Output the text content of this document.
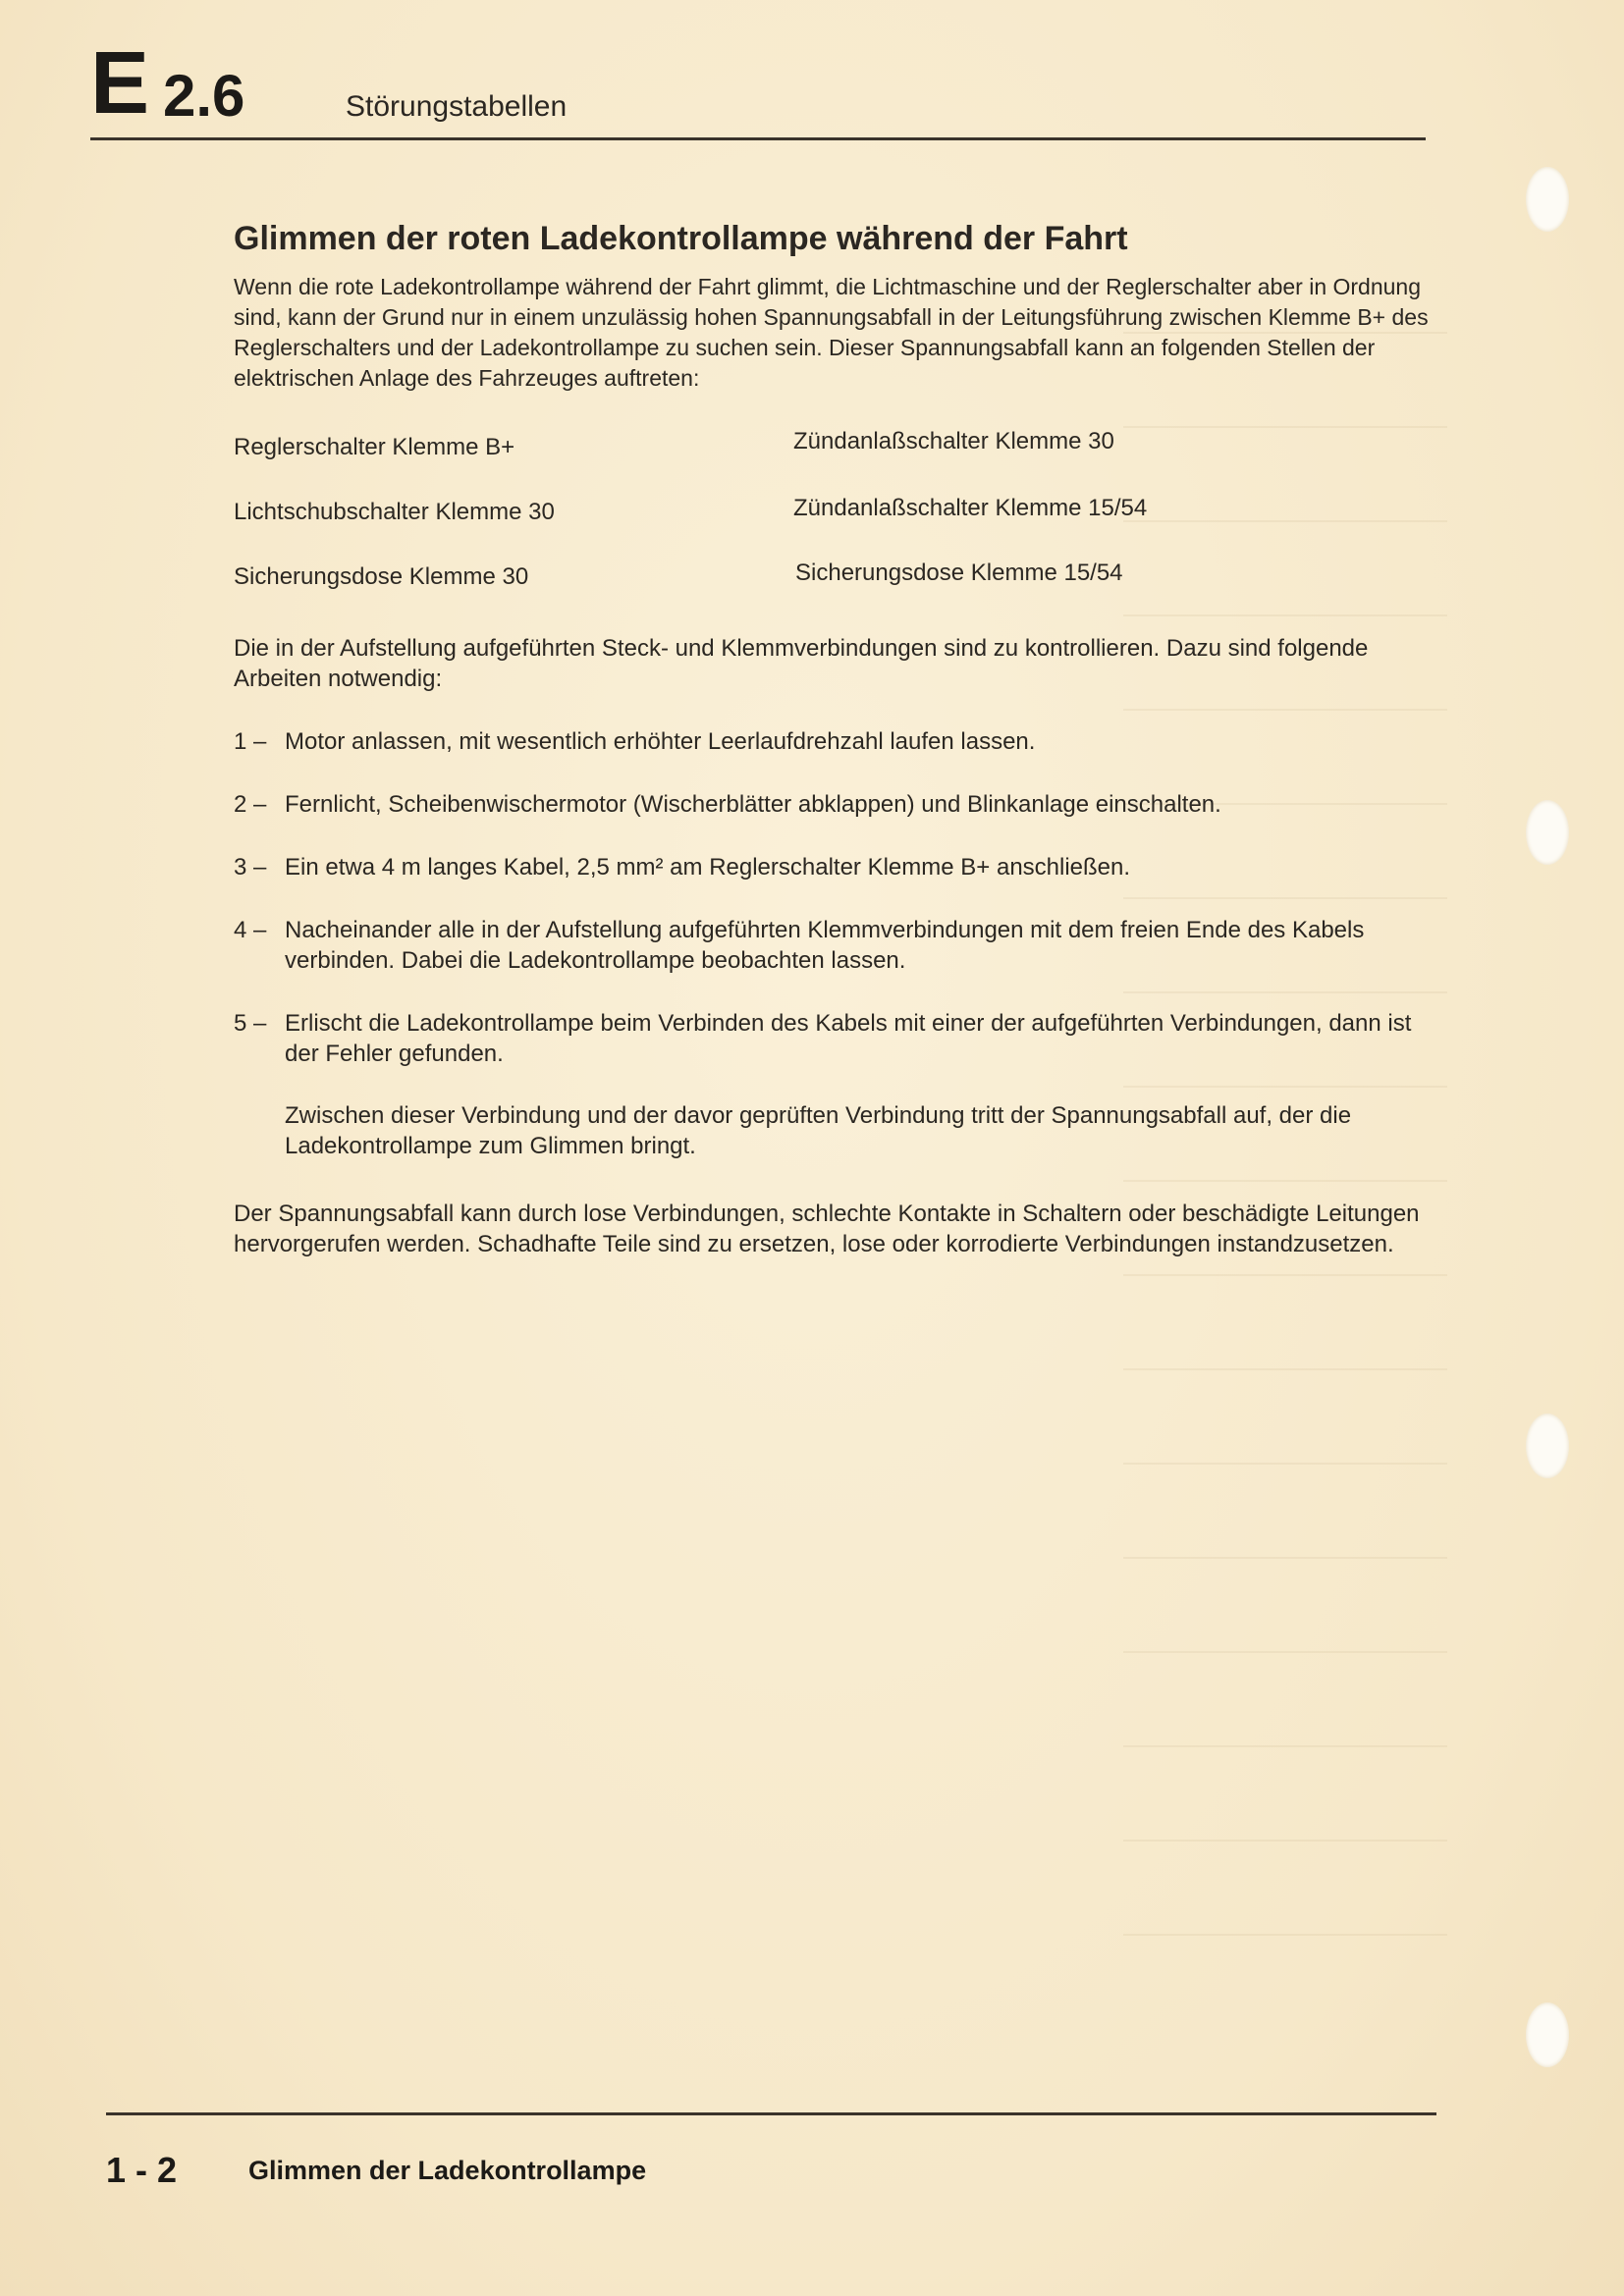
E 2.6	Störungstabellen
Glimmen der roten Ladekontrollampe während der Fahrt

Wenn die rote Ladekontrollampe während der Fahrt glimmt, die Lichtmaschine und der Reglerschalter aber in Ordnung sind, kann der Grund nur in einem unzulässig hohen Spannungsabfall in der Leitungsführung zwischen Klemme B+ des Reglerschalters und der Ladekontrollampe zu suchen sein. Dieser Spannungsabfall kann an folgenden Stellen der elektrischen Anlage des Fahrzeuges auftreten:

Reglerschalter Klemme B+	Zündanlaßschalter Klemme 30
Lichtschubschalter Klemme 30	Zündanlaßschalter Klemme 15/54
Sicherungsdose Klemme 30	Sicherungsdose Klemme 15/54

Die in der Aufstellung aufgeführten Steck- und Klemmverbindungen sind zu kontrollieren. Dazu sind folgende Arbeiten notwendig:

1 – Motor anlassen, mit wesentlich erhöhter Leerlaufdrehzahl laufen lassen.
2 – Fernlicht, Scheibenwischermotor (Wischerblätter abklappen) und Blinkanlage einschalten.
3 – Ein etwa 4 m langes Kabel, 2,5 mm² am Reglerschalter Klemme B+ anschließen.
4 – Nacheinander alle in der Aufstellung aufgeführten Klemmverbindungen mit dem freien Ende des Kabels verbinden. Dabei die Ladekontrollampe beobachten lassen.
5 – Erlischt die Ladekontrollampe beim Verbinden des Kabels mit einer der aufgeführten Verbindungen, dann ist der Fehler gefunden.
Zwischen dieser Verbindung und der davor geprüften Verbindung tritt der Spannungsabfall auf, der die Ladekontrollampe zum Glimmen bringt.

Der Spannungsabfall kann durch lose Verbindungen, schlechte Kontakte in Schaltern oder beschädigte Leitungen hervorgerufen werden. Schadhafte Teile sind zu ersetzen, lose oder korrodierte Verbindungen instandzusetzen.

1 - 2	Glimmen der Ladekontrollampe
